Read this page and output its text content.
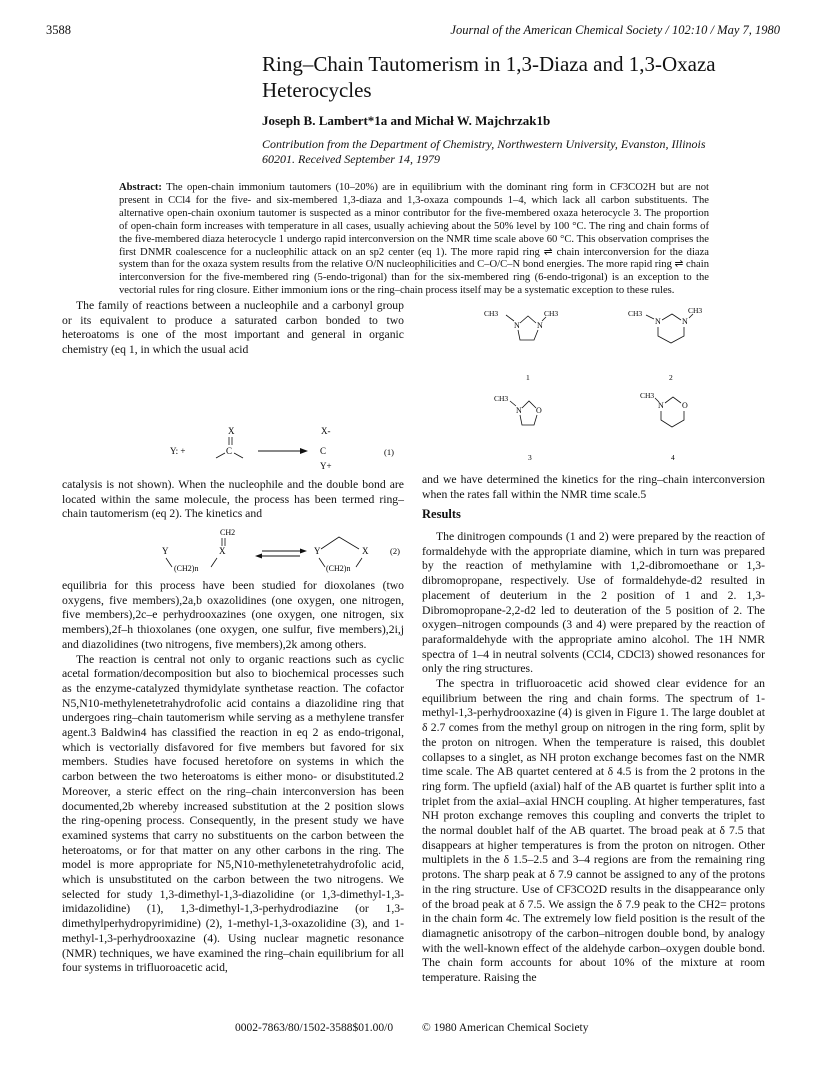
3588	Journal of the American Chemical Society / 102:10 / May 7, 1980
Ring–Chain Tautomerism in 1,3-Diaza and 1,3-Oxaza Heterocycles
Joseph B. Lambert*1a and Michał W. Majchrzak1b
Contribution from the Department of Chemistry, Northwestern University, Evanston, Illinois 60201. Received September 14, 1979
Abstract: The open-chain immonium tautomers (10–20%) are in equilibrium with the dominant ring form in CF3CO2H but are not present in CCl4 for the five- and six-membered 1,3-diaza and 1,3-oxaza compounds 1–4, which lack all carbon substituents. The alternative open-chain oxonium tautomer is suspected as a minor contributor for the five-membered oxaza heterocycle 3. The proportion of open-chain form increases with temperature in all cases, usually achieving about the 50% level by 100 °C. The ring and chain forms of the five-membered diaza heterocycle 1 undergo rapid interconversion on the NMR time scale above 60 °C. This observation comprises the first DNMR coalescence for a nucleophilic attack on an sp2 center (eq 1). The more rapid ring ⇌ chain interconversion for the diaza system than for the oxaza system results from the relative O/N nucleophilicities and C–O/C–N bond energies. The more rapid ring ⇌ chain interconversion for the five-membered ring (5-endo-trigonal) than for the six-membered ring (6-endo-trigonal) is an exception to the vectorial rules for ring closure. Either immonium ions or the ring–chain process itself may be a systematic exception to these rules.

The family of reactions between a nucleophile and a carbonyl group or its equivalent to produce a saturated carbon bonded to two heteroatoms is one of the most important and general in organic chemistry (eq 1, in which the usual acid

Y: +
X
C
X-
C
Y+
(1)

catalysis is not shown). When the nucleophile and the double bond are located within the same molecule, the process has been termed ring–chain tautomerism (eq 2). The kinetics and

CH2
Y	X
(CH2)n
Y	X
(CH2)n
(2)

equilibria for this process have been studied for dioxolanes (two oxygens, five members),2a,b oxazolidines (one oxygen, one nitrogen, five members),2c–e perhydrooxazines (one oxygen, one nitrogen, six members),2f–h thioxolanes (one oxygen, one sulfur, five members),2i,j and diazolidines (two nitrogens, five members),2k among others.

The reaction is central not only to organic reactions such as cyclic acetal formation/decomposition but also to biochemical processes such as the enzyme-catalyzed thymidylate synthetase reaction. The cofactor N5,N10-methylenetetrahydrofolic acid contains a diazolidine ring that undergoes ring–chain tautomerism while serving as a methylene transfer agent.3 Baldwin4 has classified the reaction in eq 2 as endo-trigonal, which is vectorially disfavored for five members but favored for six members. Studies have focused heretofore on systems in which the carbon between the two heteroatoms is either mono- or disubstituted.2 Moreover, a steric effect on the ring–chain interconversion has been documented,2b whereby increased substitution at the 2 position slows the ring-opening process. Consequently, in the present study we have examined systems that carry no substituents on the carbon between the heteroatoms, or for that matter on any other carbons in the ring. The model is more appropriate for N5,N10-methylenetetrahydrofolic acid, which is unsubstituted on the carbon between the two nitrogens. We selected for study 1,3-dimethyl-1,3-diazolidine (or 1,3-dimethyl-1,3-imidazolidine) (1), 1,3-dimethyl-1,3-perhydrodiazine (or 1,3-dimethylperhydropyrimidine) (2), 1-methyl-1,3-oxazolidine (3), and 1-methyl-1,3-perhydrooxazine (4). Using nuclear magnetic resonance (NMR) techniques, we have examined the ring–chain equilibrium for all four systems in trifluoroacetic acid,

CH3
N N
CH3
1
CH3
N	N
CH3
2
CH3
N O
3
CH3
N O
4

and we have determined the kinetics for the ring–chain interconversion when the rates fall within the NMR time scale.5

Results

The dinitrogen compounds (1 and 2) were prepared by the reaction of formaldehyde with the appropriate diamine, which in turn was prepared by the reaction of methylamine with 1,2-dibromoethane or 1,3-dibromopropane, respectively. Use of formaldehyde-d2 resulted in placement of deuterium in the 2 position of 1 and 2. 1,3-Dibromopropane-2,2-d2 led to deuteration of the 5 position of 2. The oxygen–nitrogen compounds (3 and 4) were prepared by the reaction of paraformaldehyde with the appropriate amino alcohol. The 1H NMR spectra of 1–4 in neutral solvents (CCl4, CDCl3) showed resonances for only the ring structures.

The spectra in trifluoroacetic acid showed clear evidence for an equilibrium between the ring and chain forms. The spectrum of 1-methyl-1,3-perhydrooxazine (4) is given in Figure 1. The large doublet at δ 2.7 comes from the methyl group on nitrogen in the ring form, split by the proton on nitrogen. When the temperature is raised, this doublet collapses to a singlet, as NH proton exchange becomes fast on the NMR time scale. The AB quartet centered at δ 4.5 is from the 2 protons in the ring form. The upfield (axial) half of the AB quartet is further split into a triplet from the axial–axial HNCH coupling. At higher temperatures, fast NH proton exchange removes this coupling and converts the triplet to the normal doublet half of the AB quartet. The broad peak at δ 7.5 that disappears at higher temperatures is from the proton on nitrogen. Other multiplets in the δ 1.5–2.5 and 3–4 regions are from the remaining ring protons. The sharp peak at δ 7.9 cannot be assigned to any of the protons in the ring structure. Use of CF3CO2D results in the disappearance only of the broad peak at δ 7.5. We assign the δ 7.9 peak to the CH2= protons in the chain form 4c. The extremely low field position is the result of the diamagnetic anisotropy of the carbon–nitrogen double bond, by analogy with the well-known effect of the aldehyde carbon–oxygen double bond. The chain form accounts for about 10% of the mixture at room temperature. Raising the

0002-7863/80/1502-3588$01.00/0	© 1980 American Chemical Society
